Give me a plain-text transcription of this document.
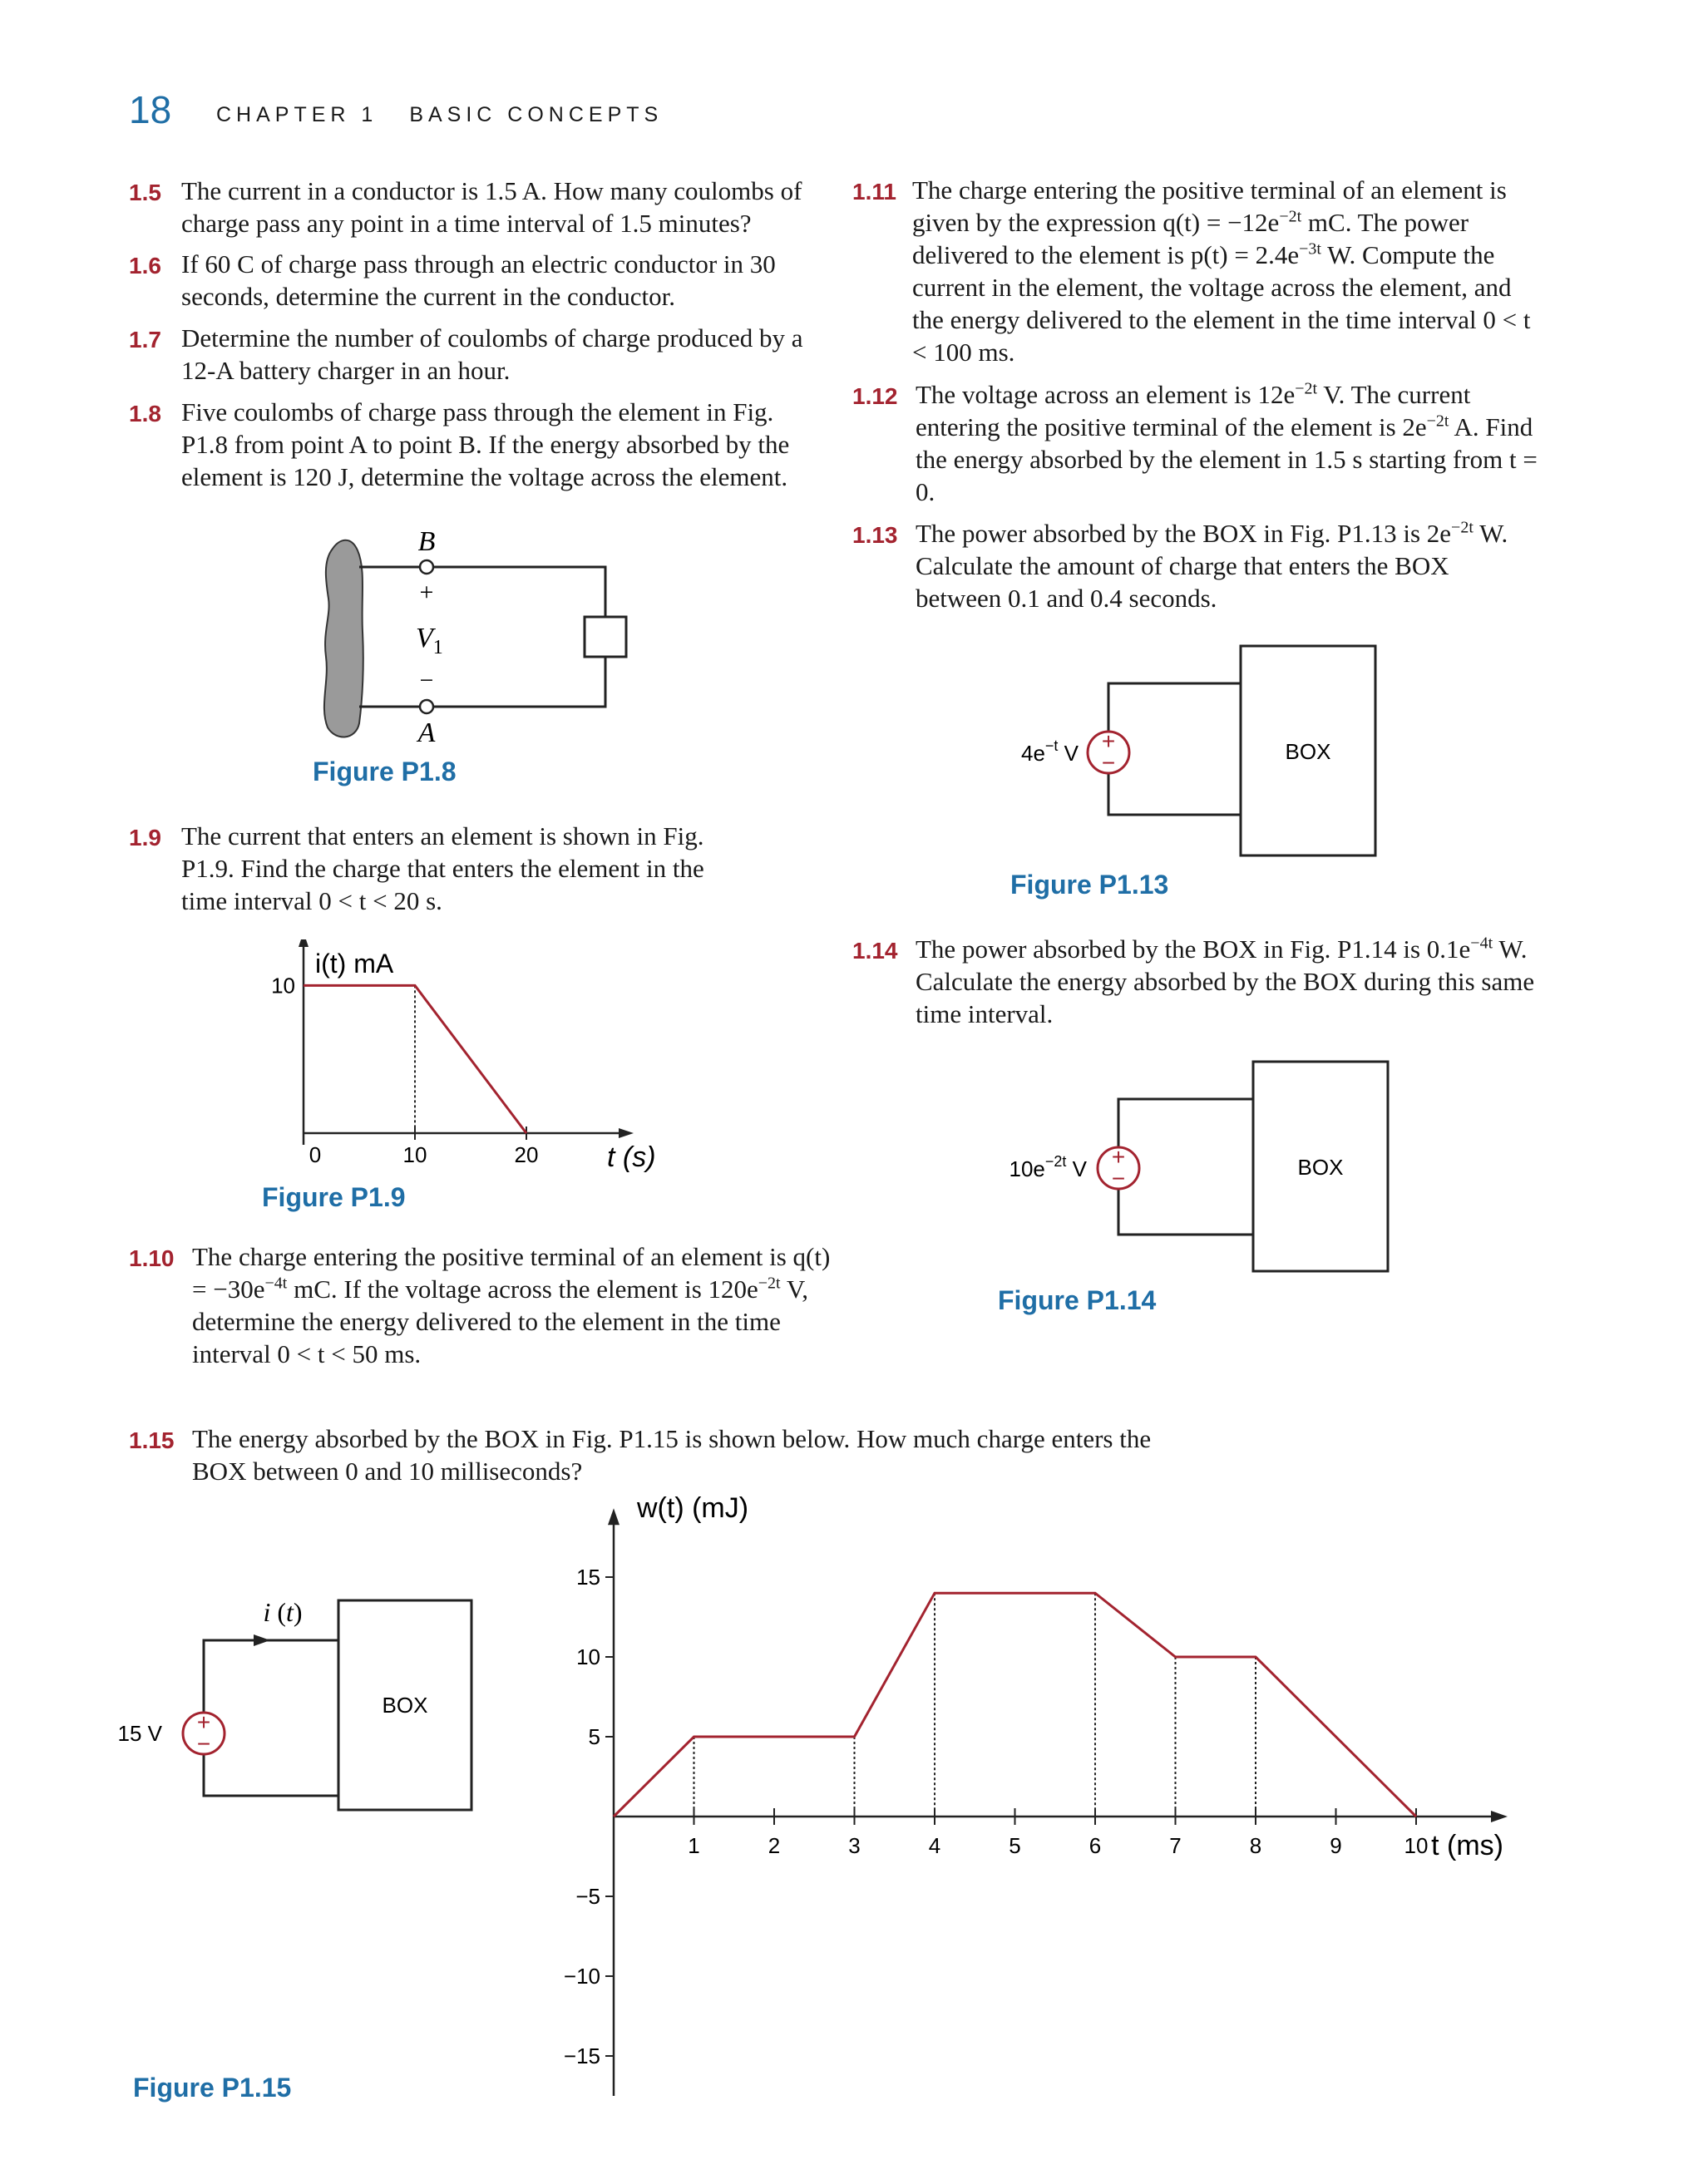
18 CHAPTER 1 BASIC CONCEPTS
1.5 The current in a conductor is 1.5 A. How many coulombs of charge pass any point in a time interval of 1.5 minutes?
1.6 If 60 C of charge pass through an electric conductor in 30 seconds, determine the current in the conductor.
1.7 Determine the number of coulombs of charge produced by a 12-A battery charger in an hour.
1.8 Five coulombs of charge pass through the element in Fig. P1.8 from point A to point B. If the energy absorbed by the element is 120 J, determine the voltage across the element.
B
+
$V_1$
−
A
Figure P1.8
1.9 The current that enters an element is shown in Fig. P1.9. Find the charge that enters the element in the time interval 0 < t < 20 s.
i(t) mA
0	10	20
10
t (s)
Figure P1.9
1.10 The charge entering the positive terminal of an element is $q(t) = -30e^{-4t}$ mC. If the voltage across the element is $120e^{-2t}$ V, determine the energy delivered to the element in the time interval 0 < t < 50 ms.
1.11 The charge entering the positive terminal of an element is given by the expression $q(t) = -12e^{-2t}$ mC. The power delivered to the element is $p(t) = 2.4e^{-3t}$ W. Compute the current in the element, the voltage across the element, and the energy delivered to the element in the time interval 0 < t < 100 ms.
1.12 The voltage across an element is $12e^{-2t}$ V. The current entering the positive terminal of the element is $2e^{-2t}$ A. Find the energy absorbed by the element in 1.5 s starting from t = 0.
1.13 The power absorbed by the BOX in Fig. P1.13 is $2e^{-2t}$ W. Calculate the amount of charge that enters the BOX between 0.1 and 0.4 seconds.
+
−	BOX
$4e^{-t}$ V
Figure P1.13
1.14 The power absorbed by the BOX in Fig. P1.14 is $0.1e^{-4t}$ W. Calculate the energy absorbed by the BOX during this same time interval.
+
−	BOX
$10e^{-2t}$ V
Figure P1.14
1.15 The energy absorbed by the BOX in Fig. P1.15 is shown below. How much charge enters the BOX between 0 and 10 milliseconds?
i (t)
+
−
15 V
BOX
w(t) (mJ)
1	2	3	4	5	6	7	8	9	10
15
10
5
−5
−10
−15
t (ms)
Figure P1.15
